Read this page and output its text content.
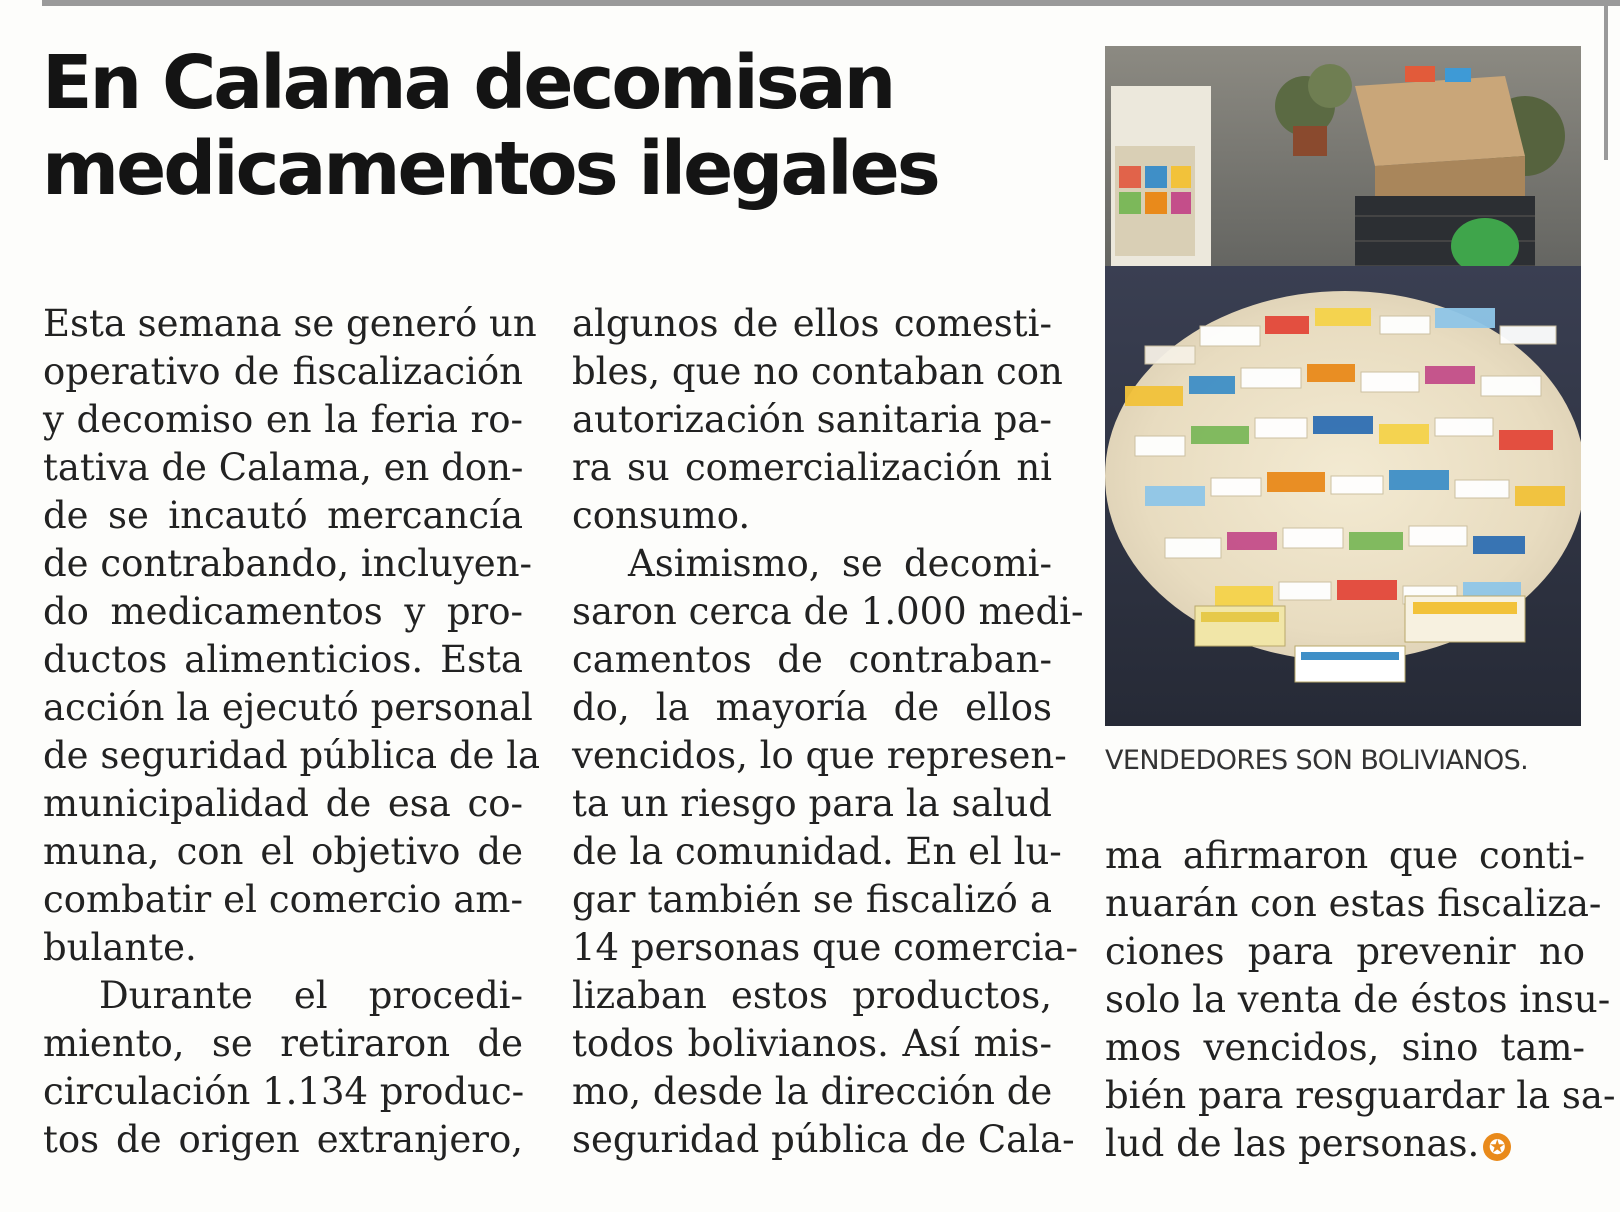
En Calama decomisan
medicamentos ilegales
Esta semana se generó un
operativo de fiscalización
y decomiso en la feria ro-
tativa de Calama, en don-
de se incautó mercancía
de contrabando, incluyen-
do medicamentos y pro-
ductos alimenticios. Esta
acción la ejecutó personal
de seguridad pública de la
municipalidad de esa co-
muna, con el objetivo de
combatir el comercio am-
bulante.
Durante el procedi-
miento, se retiraron de
circulación 1.134 produc-
tos de origen extranjero,
algunos de ellos comesti-
bles, que no contaban con
autorización sanitaria pa-
ra su comercialización ni
consumo.
Asimismo, se decomi-
saron cerca de 1.000 medi-
camentos de contraban-
do, la mayoría de ellos
vencidos, lo que represen-
ta un riesgo para la salud
de la comunidad. En el lu-
gar también se fiscalizó a
14 personas que comercia-
lizaban estos productos,
todos bolivianos. Así mis-
mo, desde la dirección de
seguridad pública de Cala-

VENDEDORES SON BOLIVIANOS.

ma afirmaron que conti-
nuarán con estas fiscaliza-
ciones para prevenir no
solo la venta de éstos insu-
mos vencidos, sino tam-
bién para resguardar la sa-
lud de las personas. ✪
